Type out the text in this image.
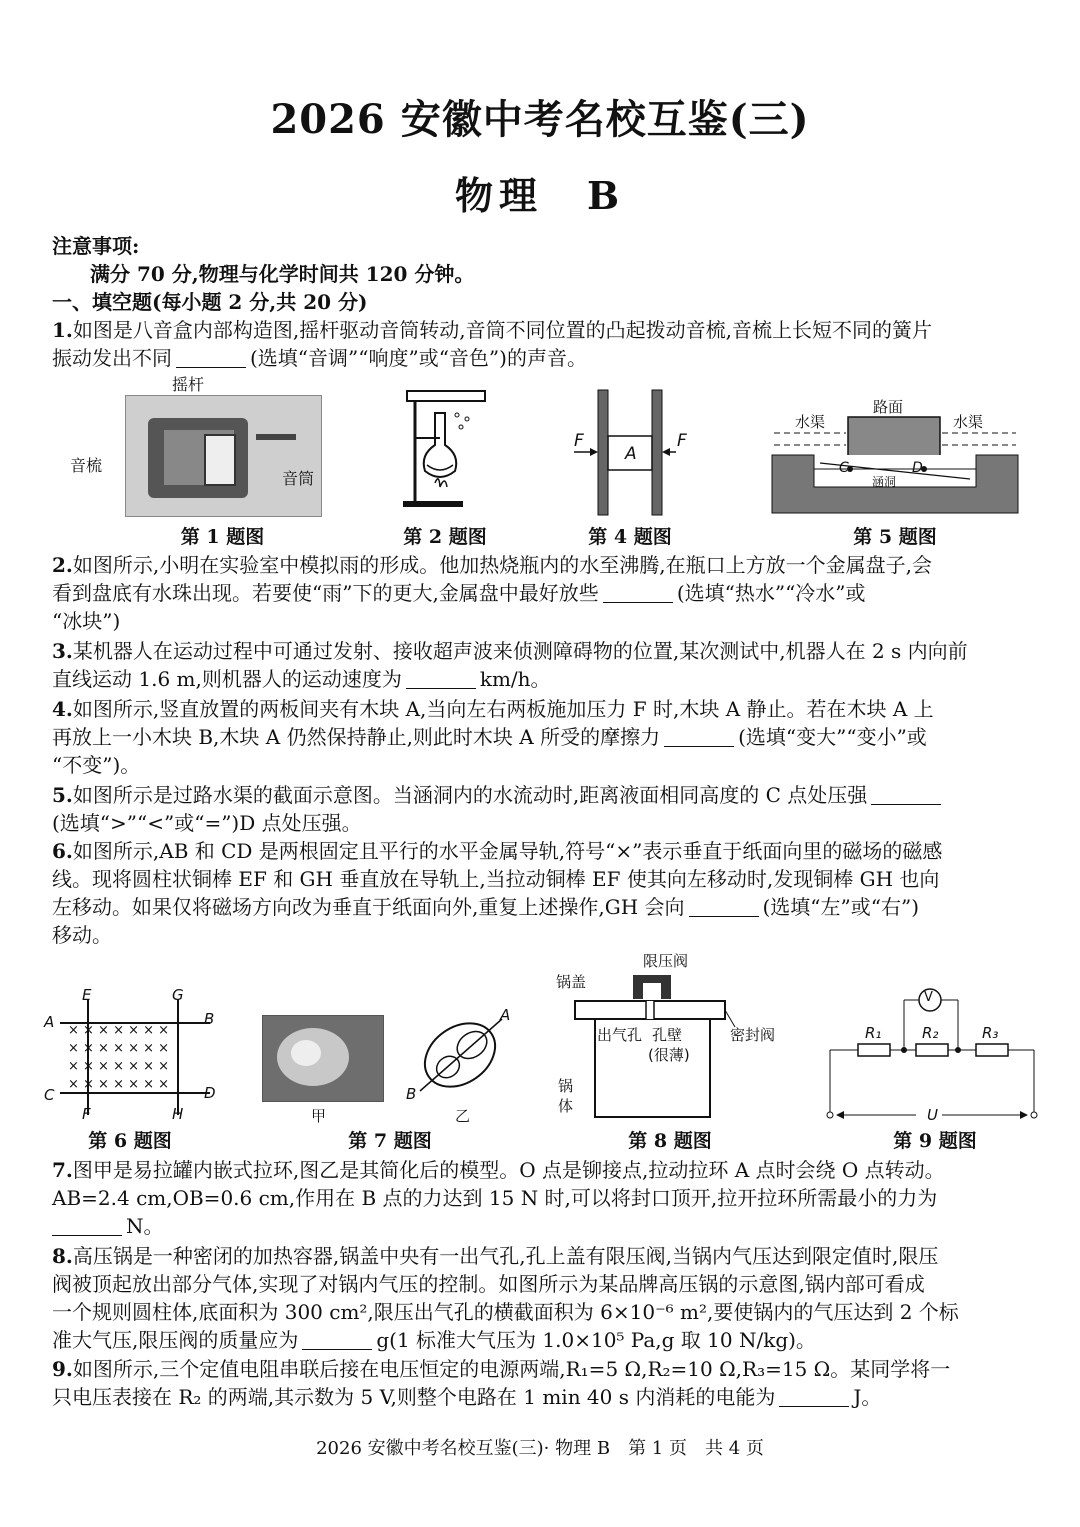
2026 安徽中考名校互鉴(三)
物理　B
注意事项:
满分 70 分,物理与化学时间共 120 分钟。
一、填空题(每小题 2 分,共 20 分)
1.如图是八音盒内部构造图,摇杆驱动音筒转动,音筒不同位置的凸起拨动音梳,音梳上长短不同的簧片
振动发出不同	(选填“音调”“响度”或“音色”)的声音。
摇杆
音梳
音筒
第 1 题图	第 2 题图
F
A
F
第 4 题图
路面
水渠	水渠
C	D
涵洞
第 5 题图
2.如图所示,小明在实验室中模拟雨的形成。他加热烧瓶内的水至沸腾,在瓶口上方放一个金属盘子,会
看到盘底有水珠出现。若要使“雨”下的更大,金属盘中最好放些	(选填“热水”“冷水”或
“冰块”)
3.某机器人在运动过程中可通过发射、接收超声波来侦测障碍物的位置,某次测试中,机器人在 2 s 内向前
直线运动 1.6 m,则机器人的运动速度为	km/h。
4.如图所示,竖直放置的两板间夹有木块 A,当向左右两板施加压力 F 时,木块 A 静止。若在木块 A 上
再放上一小木块 B,木块 A 仍然保持静止,则此时木块 A 所受的摩擦力	(选填“变大”“变小”或
“不变”)。
5.如图所示是过路水渠的截面示意图。当涵洞内的水流动时,距离液面相同高度的 C 点处压强
(选填“>”“<”或“=”)D 点处压强。
6.如图所示,AB 和 CD 是两根固定且平行的水平金属导轨,符号“×”表示垂直于纸面向里的磁场的磁感
线。现将圆柱状铜棒 EF 和 GH 垂直放在导轨上,当拉动铜棒 EF 使其向左移动时,发现铜棒 GH 也向
左移动。如果仅将磁场方向改为垂直于纸面向外,重复上述操作,GH 会向	(选填“左”或“右”)
移动。
× × × × × × ×
× × × × × × ×
× × × × × × ×
× × × × × × ×
E	G
A	B
C	D
F	H
第 6 题图
A
B
甲	乙
第 7 题图
限压阀
锅盖
出气孔 孔壁
(很薄)
密封阀
锅
体
第 8 题图
V
R₁	R₂	R₃
U
第 9 题图
7.图甲是易拉罐内嵌式拉环,图乙是其简化后的模型。O 点是铆接点,拉动拉环 A 点时会绕 O 点转动。
AB=2.4 cm,OB=0.6 cm,作用在 B 点的力达到 15 N 时,可以将封口顶开,拉开拉环所需最小的力为
N。
8.高压锅是一种密闭的加热容器,锅盖中央有一出气孔,孔上盖有限压阀,当锅内气压达到限定值时,限压
阀被顶起放出部分气体,实现了对锅内气压的控制。如图所示为某品牌高压锅的示意图,锅内部可看成
一个规则圆柱体,底面积为 300 cm²,限压出气孔的横截面积为 6×10⁻⁶ m²,要使锅内的气压达到 2 个标
准大气压,限压阀的质量应为	g(1 标准大气压为 1.0×10⁵ Pa,g 取 10 N/kg)。
9.如图所示,三个定值电阻串联后接在电压恒定的电源两端,R₁=5 Ω,R₂=10 Ω,R₃=15 Ω。某同学将一
只电压表接在 R₂ 的两端,其示数为 5 V,则整个电路在 1 min 40 s 内消耗的电能为	J。
2026 安徽中考名校互鉴(三)· 物理 B　第 1 页　共 4 页
